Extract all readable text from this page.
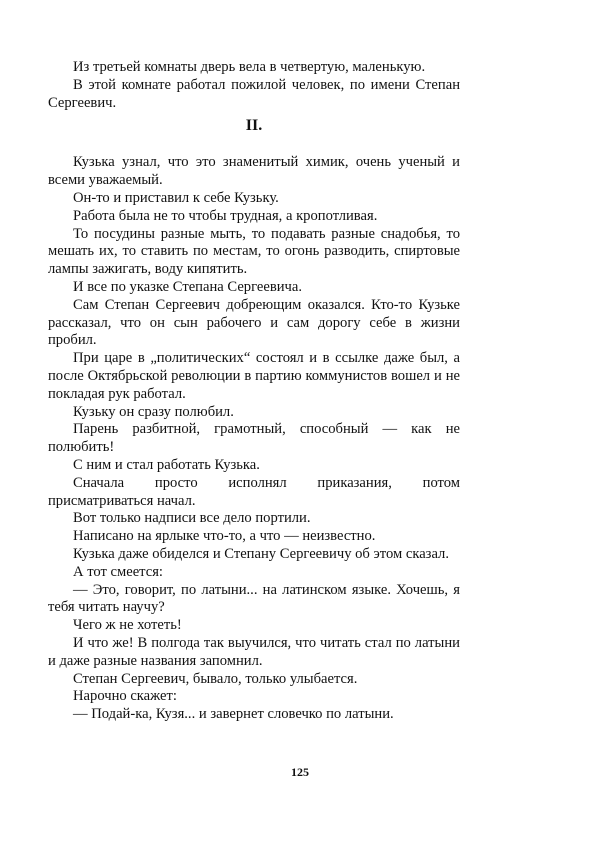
Из третьей комнаты дверь вела в четвертую, маленькую.

В этой комнате работал пожилой человек, по имени Степан Сергеевич.

II.

Кузька узнал, что это знаменитый химик, очень ученый и всеми уважаемый.

Он-то и приставил к себе Кузьку.

Работа была не то чтобы трудная, а кропотливая.

То посудины разные мыть, то подавать разные снадобья, то мешать их, то ставить по местам, то огонь разводить, спиртовые лампы зажигать, воду кипятить.

И все по указке Степана Сергеевича.

Сам Степан Сергеевич добреющим оказался. Кто-то Кузьке рассказал, что он сын рабочего и сам дорогу себе в жизни пробил.

При царе в „политических“ состоял и в ссылке даже был, а после Октябрьской революции в партию коммунистов вошел и не покладая рук работал.

Кузьку он сразу полюбил.

Парень разбитной, грамотный, способный — как не полюбить!

С ним и стал работать Кузька.

Сначала просто исполнял приказания, потом присматриваться начал.

Вот только надписи все дело портили.

Написано на ярлыке что-то, а что — неизвестно.

Кузька даже обиделся и Степану Сергеевичу об этом сказал.

А тот смеется:

— Это, говорит, по латыни... на латинском языке. Хочешь, я тебя читать научу?

Чего ж не хотеть!

И что же! В полгода так выучился, что читать стал по латыни и даже разные названия запомнил.

Степан Сергеевич, бывало, только улыбается.

Нарочно скажет:

— Подай-ка, Кузя... и завернет словечко по латыни.

125
